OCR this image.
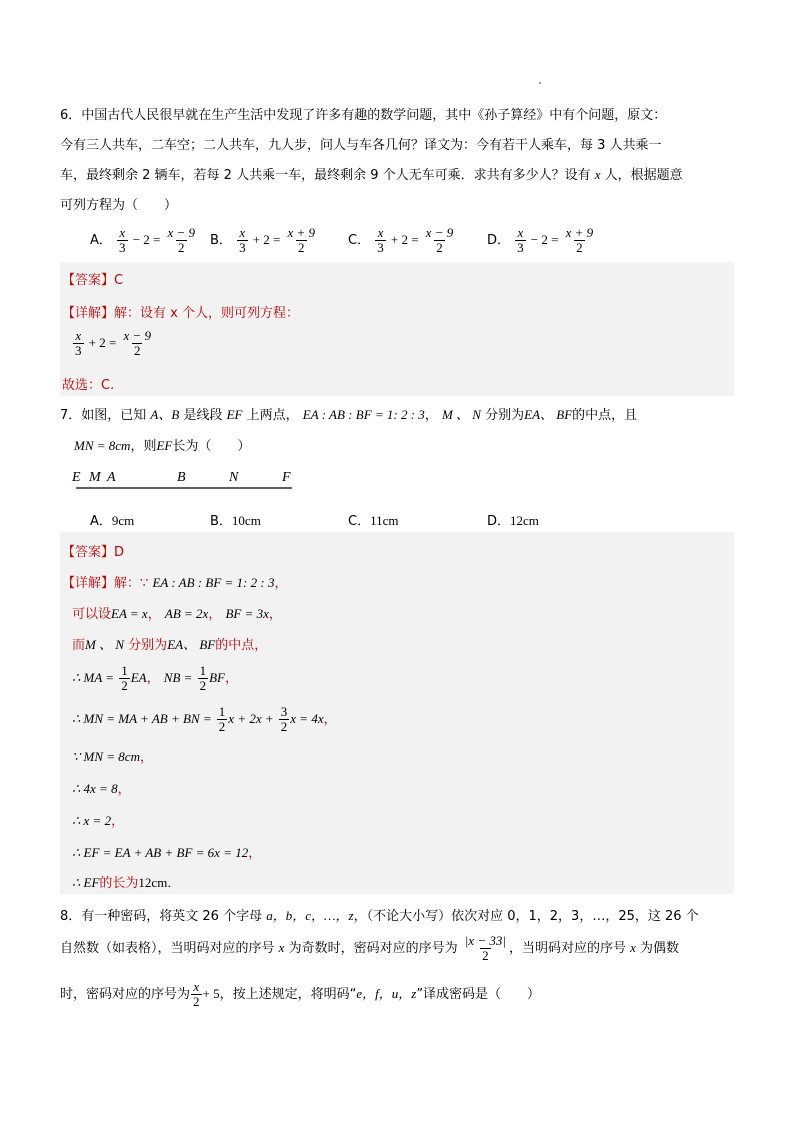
6．中国古代人民很早就在生产生活中发现了许多有趣的数学问题，其中《孙子算经》中有个问题，原文：
今有三人共车，二车空；二人共车，九人步，问人与车各几何？译文为：今有若干人乘车，每 3 人共乘一
车，最终剩余 2 辆车，若每 2 人共乘一车，最终剩余 9 个人无车可乘．求共有多少人？设有 x 人，根据题意
可列方程为（　　）
A． $\frac{x}{3} - 2 = \frac{x - 9}{2}$ B． $\frac{x}{3} + 2 = \frac{x + 9}{2}$ C． $\frac{x}{3} + 2 = \frac{x - 9}{2}$ D． $\frac{x}{3} - 2 = \frac{x + 9}{2}$
【答案】C
【详解】解：设有 x 个人，则可列方程：
$\frac{x}{3} + 2 = \frac{x - 9}{2}$
故选：C.
7．如图，已知 A、B 是线段 EF 上两点， EA : AB : BF = 1: 2 : 3， M 、 N 分别为EA、 BF的中点，且
MN = 8cm，则EF长为（　　）
E M A	B	N	F
A．9cm	B．10cm	C．11cm	D．12cm
【答案】D
【详解】解：∵ EA : AB : BF = 1: 2 : 3，
可以设EA = x， AB = 2x， BF = 3x，
而M 、 N 分别为EA、 BF的中点，
∴ MA = $\frac{1}{2}$ EA， NB = $\frac{1}{2}$ BF，
∴ MN = MA + AB + BN = $\frac{1}{2}$ $x + 2x + \frac{3}{2}$ x = 4x，
∵ MN = 8cm，
∴ 4x = 8，
∴ x = 2，
∴ EF = EA + AB + BF = 6x = 12，
∴ EF的长为12cm．
8．有一种密码，将英文 26 个字母 a，b，c，…，z，（不论大小写）依次对应 0，1，2，3，…，25，这 26 个
自然数（如表格），当明码对应的序号 x 为奇数时，密码对应的序号为 $\frac{|x - 33|}{2}$ ，当明码对应的序号 x 为偶数
时，密码对应的序号为 $\frac{x}{2} + 5$，按上述规定，将明码“e，f，u，z”译成密码是（　　）
